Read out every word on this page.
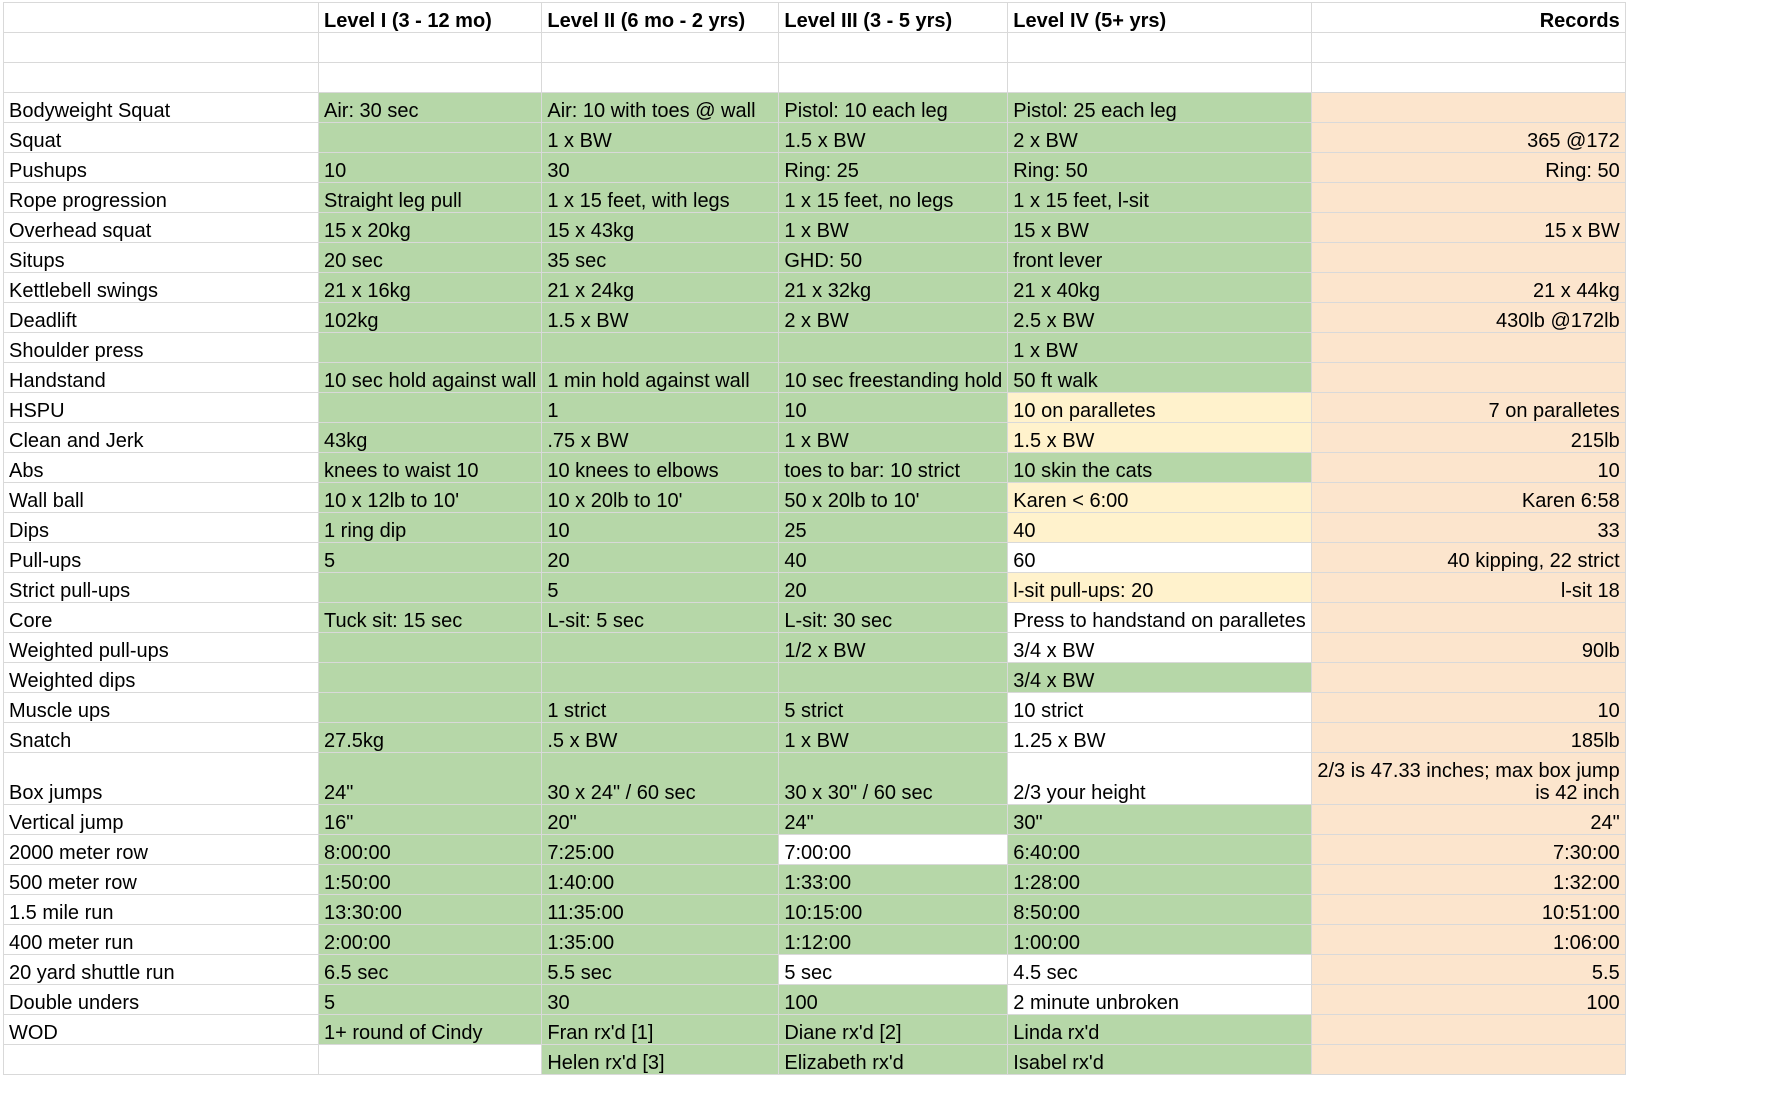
	Level I (3 - 12 mo)	Level II (6 mo - 2 yrs)	Level III (3 - 5 yrs)	Level IV (5+ yrs)	Records

Bodyweight Squat	Air: 30 sec	Air: 10 with toes @ wall	Pistol: 10 each leg	Pistol: 25 each leg	
Squat		1 x BW	1.5 x BW	2 x BW	365 @172
Pushups	10	30	Ring: 25	Ring: 50	Ring: 50
Rope progression	Straight leg pull	1 x 15 feet, with legs	1 x 15 feet, no legs	1 x 15 feet, l-sit	
Overhead squat	15 x 20kg	15 x 43kg	1 x BW	15 x BW	15 x BW
Situps	20 sec	35 sec	GHD: 50	front lever	
Kettlebell swings	21 x 16kg	21 x 24kg	21 x 32kg	21 x 40kg	21 x 44kg
Deadlift	102kg	1.5 x BW	2 x BW	2.5 x BW	430lb @172lb
Shoulder press				1 x BW	
Handstand	10 sec hold against wall	1 min hold against wall	10 sec freestanding hold	50 ft walk	
HSPU		1	10	10 on paralletes	7 on paralletes
Clean and Jerk	43kg	.75 x BW	1 x BW	1.5 x BW	215lb
Abs	knees to waist 10	10 knees to elbows	toes to bar: 10 strict	10 skin the cats	10
Wall ball	10 x 12lb to 10'	10 x 20lb to 10'	50 x 20lb to 10'	Karen < 6:00	Karen 6:58
Dips	1 ring dip	10	25	40	33
Pull-ups	5	20	40	60	40 kipping, 22 strict
Strict pull-ups		5	20	l-sit pull-ups: 20	l-sit 18
Core	Tuck sit: 15 sec	L-sit: 5 sec	L-sit: 30 sec	Press to handstand on paralletes	
Weighted pull-ups			1/2 x BW	3/4 x BW	90lb
Weighted dips				3/4 x BW	
Muscle ups		1 strict	5 strict	10 strict	10
Snatch	27.5kg	.5 x BW	1 x BW	1.25 x BW	185lb
Box jumps	24"	30 x 24" / 60 sec	30 x 30" / 60 sec	2/3 your height	2/3 is 47.33 inches; max box jump is 42 inch
Vertical jump	16"	20"	24"	30"	24"
2000 meter row	8:00:00	7:25:00	7:00:00	6:40:00	7:30:00
500 meter row	1:50:00	1:40:00	1:33:00	1:28:00	1:32:00
1.5 mile run	13:30:00	11:35:00	10:15:00	8:50:00	10:51:00
400 meter run	2:00:00	1:35:00	1:12:00	1:00:00	1:06:00
20 yard shuttle run	6.5 sec	5.5 sec	5 sec	4.5 sec	5.5
Double unders	5	30	100	2 minute unbroken	100
WOD	1+ round of Cindy	Fran rx'd [1]	Diane rx'd [2]	Linda rx'd	
		Helen rx'd [3]	Elizabeth rx'd	Isabel rx'd	
